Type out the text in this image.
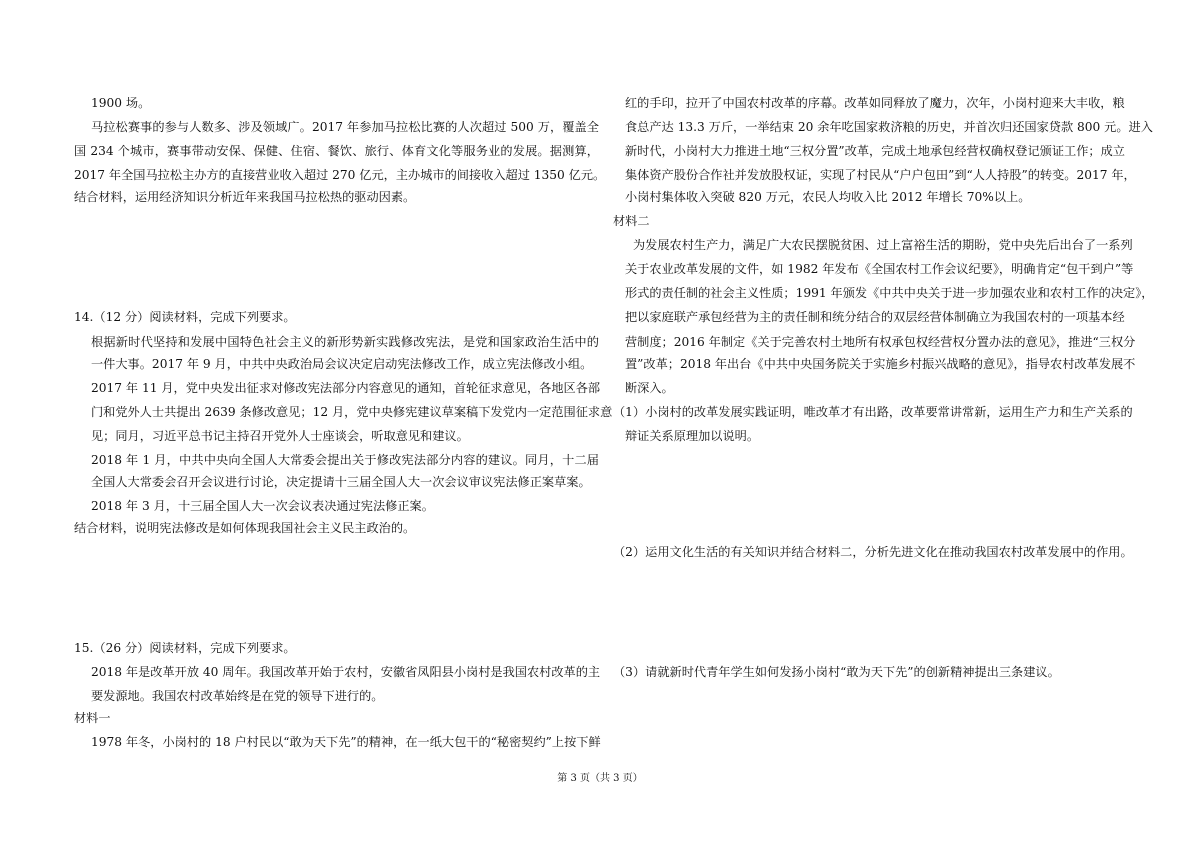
1900 场。
马拉松赛事的参与人数多、涉及领域广。2017 年参加马拉松比赛的人次超过 500 万，覆盖全
国 234 个城市，赛事带动安保、保健、住宿、餐饮、旅行、体育文化等服务业的发展。据测算，
2017 年全国马拉松主办方的直接营业收入超过 270 亿元，主办城市的间接收入超过 1350 亿元。
结合材料，运用经济知识分析近年来我国马拉松热的驱动因素。
14.（12 分）阅读材料，完成下列要求。
根据新时代坚持和发展中国特色社会主义的新形势新实践修改宪法，是党和国家政治生活中的
一件大事。2017 年 9 月，中共中央政治局会议决定启动宪法修改工作，成立宪法修改小组。
2017 年 11 月，党中央发出征求对修改宪法部分内容意见的通知，首轮征求意见，各地区各部
门和党外人士共提出 2639 条修改意见；12 月，党中央修宪建议草案稿下发党内一定范围征求意
见；同月，习近平总书记主持召开党外人士座谈会，听取意见和建议。
2018 年 1 月，中共中央向全国人大常委会提出关于修改宪法部分内容的建议。同月，十二届
全国人大常委会召开会议进行讨论，决定提请十三届全国人大一次会议审议宪法修正案草案。
2018 年 3 月，十三届全国人大一次会议表决通过宪法修正案。
结合材料，说明宪法修改是如何体现我国社会主义民主政治的。
15.（26 分）阅读材料，完成下列要求。
2018 年是改革开放 40 周年。我国改革开始于农村，安徽省凤阳县小岗村是我国农村改革的主
要发源地。我国农村改革始终是在党的领导下进行的。
材料一
1978 年冬，小岗村的 18 户村民以“敢为天下先”的精神，在一纸大包干的“秘密契约”上按下鲜
红的手印，拉开了中国农村改革的序幕。改革如同释放了魔力，次年，小岗村迎来大丰收，粮
食总产达 13.3 万斤，一举结束 20 余年吃国家救济粮的历史，并首次归还国家贷款 800 元。进入
新时代，小岗村大力推进土地“三权分置”改革，完成土地承包经营权确权登记颁证工作；成立
集体资产股份合作社并发放股权证，实现了村民从“户户包田”到“人人持股”的转变。2017 年，
小岗村集体收入突破 820 万元，农民人均收入比 2012 年增长 70%以上。
材料二
为发展农村生产力，满足广大农民摆脱贫困、过上富裕生活的期盼，党中央先后出台了一系列
关于农业改革发展的文件，如 1982 年发布《全国农村工作会议纪要》，明确肯定“包干到户”等
形式的责任制的社会主义性质；1991 年颁发《中共中央关于进一步加强农业和农村工作的决定》，
把以家庭联产承包经营为主的责任制和统分结合的双层经营体制确立为我国农村的一项基本经
营制度；2016 年制定《关于完善农村土地所有权承包权经营权分置办法的意见》，推进“三权分
置”改革；2018 年出台《中共中央国务院关于实施乡村振兴战略的意见》，指导农村改革发展不
断深入。
（1）小岗村的改革发展实践证明，唯改革才有出路，改革要常讲常新，运用生产力和生产关系的
辩证关系原理加以说明。
（2）运用文化生活的有关知识并结合材料二，分析先进文化在推动我国农村改革发展中的作用。
（3）请就新时代青年学生如何发扬小岗村“敢为天下先”的创新精神提出三条建议。
第 3 页（共 3 页）
